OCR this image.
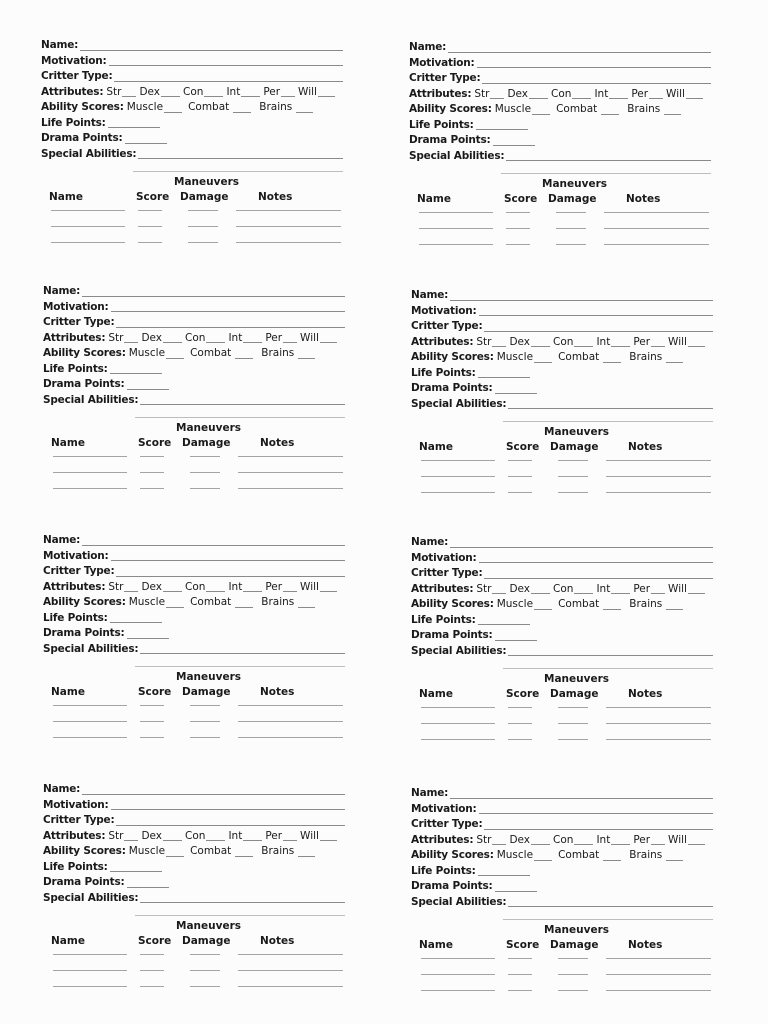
Name:
Motivation:
Critter Type:
Attributes: Str Dex Con Int Per Will
Ability Scores: Muscle Combat	Brains
Life Points:
Drama Points:
Special Abilities:
Maneuvers
Name	Score Damage	Notes
Name:
Motivation:
Critter Type:
Attributes: Str Dex Con Int Per Will
Ability Scores: Muscle Combat	Brains
Life Points:
Drama Points:
Special Abilities:
Maneuvers
Name	Score Damage	Notes
Name:
Motivation:
Critter Type:
Attributes: Str Dex Con Int Per Will
Ability Scores: Muscle Combat	Brains
Life Points:
Drama Points:
Special Abilities:
Maneuvers
Name	Score Damage	Notes
Name:
Motivation:
Critter Type:
Attributes: Str Dex Con Int Per Will
Ability Scores: Muscle Combat	Brains
Life Points:
Drama Points:
Special Abilities:
Maneuvers
Name	Score Damage	Notes
Name:
Motivation:
Critter Type:
Attributes: Str Dex Con Int Per Will
Ability Scores: Muscle Combat	Brains
Life Points:
Drama Points:
Special Abilities:
Maneuvers
Name	Score Damage	Notes
Name:
Motivation:
Critter Type:
Attributes: Str Dex Con Int Per Will
Ability Scores: Muscle Combat	Brains
Life Points:
Drama Points:
Special Abilities:
Maneuvers
Name	Score Damage	Notes
Name:
Motivation:
Critter Type:
Attributes: Str Dex Con Int Per Will
Ability Scores: Muscle Combat	Brains
Life Points:
Drama Points:
Special Abilities:
Maneuvers
Name	Score Damage	Notes
Name:
Motivation:
Critter Type:
Attributes: Str Dex Con Int Per Will
Ability Scores: Muscle Combat	Brains
Life Points:
Drama Points:
Special Abilities:
Maneuvers
Name	Score Damage	Notes
